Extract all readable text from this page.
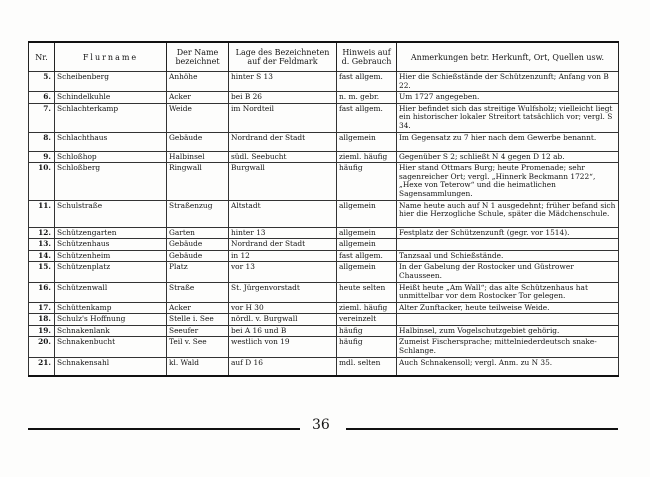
Nr.	Flurname	Der Name bezeichnet	Lage des Bezeichneten auf der Feldmark	Hinweis auf d. Gebrauch	Anmerkungen betr. Herkunft, Ort, Quellen usw.
5.	Scheibenberg	Anhöhe	hinter S 13	fast allgem.	Hier die Schießstände der Schützenzunft; Anfang von B 22.
6.	Schindelkuhle	Acker	bei B 26	n. m. gebr.	Um 1727 angegeben.
7.	Schlachterkamp	Weide	im Nordteil	fast allgem.	Hier befindet sich das streitige Wulfsholz; vielleicht liegt ein historischer lokaler Streitort tatsächlich vor; vergl. S 34.
8.	Schlachthaus	Gebäude	Nordrand der Stadt	allgemein	Im Gegensatz zu 7 hier nach dem Gewerbe benannt.
9.	Schloßhop	Halbinsel	südl. Seebucht	zieml. häufig	Gegenüber S 2; schließt N 4 gegen D 12 ab.
10.	Schloßberg	Ringwall	Burgwall	häufig	Hier stand Ottmars Burg; heute Promenade; sehr sagenreicher Ort; vergl. „Hinnerk Beckmann 1722“, „Hexe von Teterow“ und die heimatlichen Sagensammlungen.
11.	Schulstraße	Straßenzug	Altstadt	allgemein	Name heute auch auf N 1 ausgedehnt; früher befand sich hier die Herzogliche Schule, später die Mädchenschule.
12.	Schützengarten	Garten	hinter 13	allgemein	Festplatz der Schützenzunft (gegr. vor 1514).
13.	Schützenhaus	Gebäude	Nordrand der Stadt	allgemein	
14.	Schützenheim	Gebäude	in 12	fast allgem.	Tanzsaal und Schießstände.
15.	Schützenplatz	Platz	vor 13	allgemein	In der Gabelung der Rostocker und Güstrower Chausseen.
16.	Schützenwall	Straße	St. Jürgenvorstadt	heute selten	Heißt heute „Am Wall“; das alte Schützenhaus hat unmittelbar vor dem Rostocker Tor gelegen.
17.	Schüttenkamp	Acker	vor H 30	zieml. häufig	Alter Zunftacker, heute teilweise Weide.
18.	Schulz's Hoffnung	Stelle i. See	nördl. v. Burgwall	vereinzelt	
19.	Schnakenlank	Seeufer	bei A 16 und B	häufig	Halbinsel, zum Vogelschutzgebiet gehörig.
20.	Schnakenbucht	Teil v. See	westlich von 19	häufig	Zumeist Fischersprache; mittelniederdeutsch snake-Schlange.
21.	Schnakensahl	kl. Wald	auf D 16	mdl. selten	Auch Schnakensoll; vergl. Anm. zu N 35.
36
